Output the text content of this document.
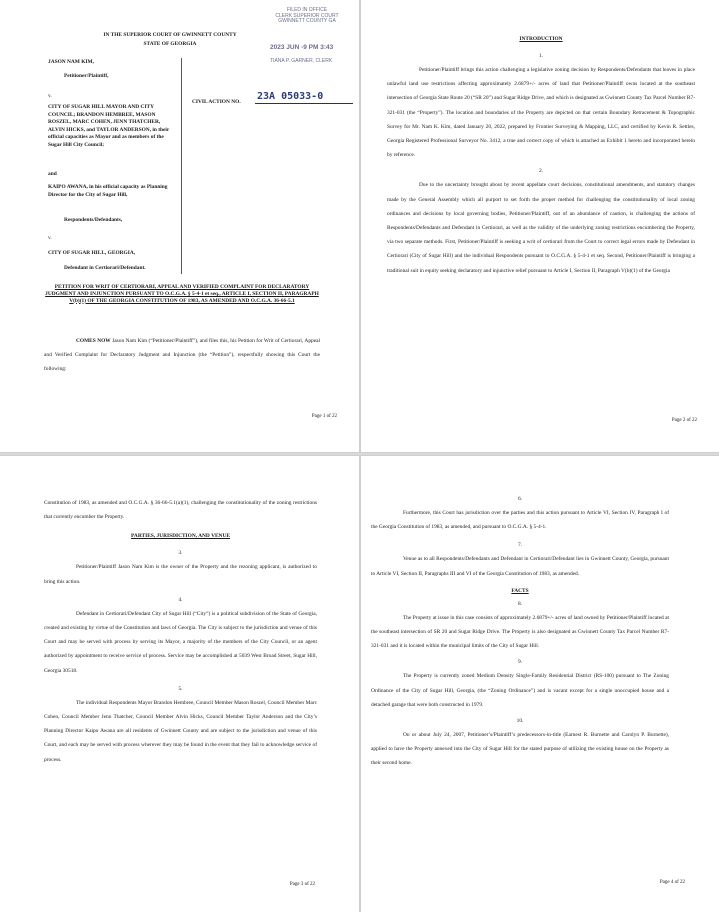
IN THE SUPERIOR COURT OF GWINNETT COUNTY
STATE OF GEORGIA
FILED IN OFFICE
CLERK SUPERIOR COURT
GWINNETT COUNTY GA
2023 JUN -9 PM 3:43
TIANA P. GARNER, CLERK
JASON NAM KIM,
Petitioner/Plaintiff,
v.
CITY OF SUGAR HILL MAYOR AND CITY COUNCIL; BRANDON HEMBREE, MASON ROSZEL, MARC COHEN, JENN THATCHER, ALVIN HICKS, and TAYLOR ANDERSON, in their official capacities as Mayor and as members of the Sugar Hill City Council;
and
KAIPO AWANA, in his official capacity as Planning Director for the City of Sugar Hill,
Respondents/Defendants,
v.
CITY OF SUGAR HILL, GEORGIA,
Defendant in Certiorari/Defendant.
CIVIL ACTION NO. 23A 05033-0
PETITION FOR WRIT OF CERTIORARI, APPEAL AND VERIFIED COMPLAINT FOR DECLARATORY JUDGMENT AND INJUNCTION PURSUANT TO O.C.G.A. § 5-4-1 et seq., ARTICLE I, SECTION II, PARAGRAPH V(b)(1) OF THE GEORGIA CONSTITUTION OF 1983, AS AMENDED AND O.C.G.A. 36-66-5.1
COMES NOW Jason Nam Kim (“Petitioner/Plaintiff”), and files this, his Petition for Writ of Certiorari, Appeal and Verified Complaint for Declaratory Judgment and Injunction (the “Petition”), respectfully showing this Court the following:
Page 1 of 22
INTRODUCTION
1.

Petitioner/Plaintiff brings this action challenging a legislative zoning decision by Respondents/Defendants that leaves in place unlawful land use restrictions affecting approximately 2.6879+/- acres of land that Petitioner/Plaintiff owns located at the southeast intersection of Georgia State Route 20 (“SR 20”) and Sugar Ridge Drive, and which is designated as Gwinnett County Tax Parcel Number R7-321-031 (the “Property”). The location and boundaries of the Property are depicted on that certain Boundary Retracement & Topographic Survey for Mr. Nam K. Kim, dated January 20, 2022, prepared by Frontier Surveying & Mapping, LLC, and certified by Kevin R. Settles, Georgia Registered Professional Surveyor No. 3412, a true and correct copy of which is attached as Exhibit 1 hereto and incorporated herein by reference.

2.

Due to the uncertainty brought about by recent appellate court decisions, constitutional amendments, and statutory changes made by the General Assembly which all purport to set forth the proper method for challenging the constitutionality of local zoning ordinances and decisions by local governing bodies, Petitioner/Plaintiff, out of an abundance of caution, is challenging the actions of Respondents/Defendants and Defendant in Certiorari, as well as the validity of the underlying zoning restrictions encumbering the Property, via two separate methods. First, Petitioner/Plaintiff is seeking a writ of certiorari from the Court to correct legal errors made by Defendant in Certiorari (City of Sugar Hill) and the individual Respondents pursuant to O.C.G.A. § 5-4-1 et seq. Second, Petitioner/Plaintiff is bringing a traditional suit in equity seeking declaratory and injunctive relief pursuant to Article I, Section II, Paragraph V(b)(1) of the Georgia

Page 2 of 22

Constitution of 1983, as amended and O.C.G.A. § 36-66-5.1(a)(1), challenging the constitutionality of the zoning restrictions that currently encumber the Property.

PARTIES, JURISDICTION, AND VENUE
3.

Petitioner/Plaintiff Jason Nam Kim is the owner of the Property and the rezoning applicant, is authorized to bring this action.

4.

Defendant in Certiorari/Defendant City of Sugar Hill (“City”) is a political subdivision of the State of Georgia, created and existing by virtue of the Constitution and laws of Georgia. The City is subject to the jurisdiction and venue of this Court and may be served with process by serving its Mayor, a majority of the members of the City Council, or an agent authorized by appointment to receive service of process. Service may be accomplished at 5039 West Broad Street, Sugar Hill, Georgia 30518.

5.

The individual Respondents Mayor Brandon Hembree, Council Member Mason Roszel, Council Member Marc Cohen, Council Member Jenn Thatcher, Council Member Alvin Hicks, Council Member Taylor Anderson and the City’s Planning Director Kaipo Awana are all residents of Gwinnett County and are subject to the jurisdiction and venue of this Court, and each may be served with process wherever they may be found in the event that they fail to acknowledge service of process.

Page 3 of 22
6.

Furthermore, this Court has jurisdiction over the parties and this action pursuant to Article VI, Section IV, Paragraph I of the Georgia Constitution of 1983, as amended, and pursuant to O.C.G.A. § 5-4-1.

7.

Venue as to all Respondents/Defendants and Defendant in Certiorari/Defendant lies in Gwinnett County, Georgia, pursuant to Article VI, Section II, Paragraphs III and VI of the Georgia Constitution of 1983, as amended.

FACTS
8.

The Property at issue in this case consists of approximately 2.6879+/- acres of land owned by Petitioner/Plaintiff located at the southeast intersection of SR 20 and Sugar Ridge Drive. The Property is also designated as Gwinnett County Tax Parcel Number R7-321-031 and it is located within the municipal limits of the City of Sugar Hill.

9.

The Property is currently zoned Medium Density Single-Family Residential District (RS-100) pursuant to The Zoning Ordinance of the City of Sugar Hill, Georgia, (the “Zoning Ordinance”) and is vacant except for a single unoccupied house and a detached garage that were both constructed in 1979.

10.

On or about July 24, 2007, Petitioner’s/Plaintiff’s predecessors-in-title (Earnest R. Burnette and Carolyn P. Burnette), applied to have the Property annexed into the City of Sugar Hill for the stated purpose of utilizing the existing house on the Property as their second home.

Page 4 of 22
